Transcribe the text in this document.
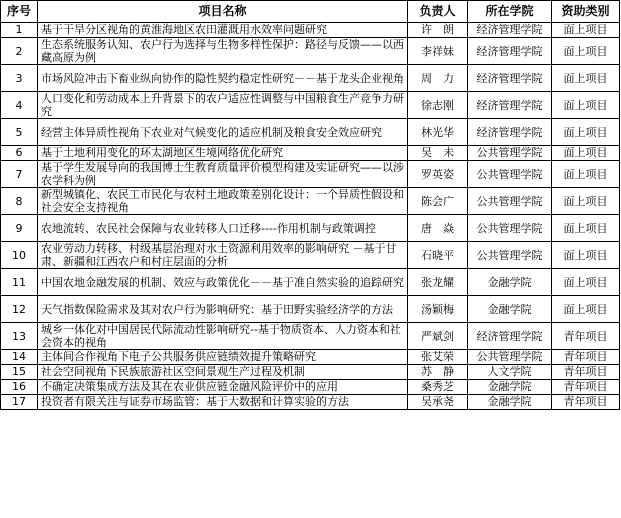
序号	项目名称	负责人	所在学院	资助类别
1	基于干旱分区视角的黄淮海地区农田灌溉用水效率问题研究	许　朗	经济管理学院	面上项目
2	生态系统服务认知、农户行为选择与生物多样性保护：路径与反馈——以西藏高原为例	李祥妹	经济管理学院	面上项目
3	市场风险冲击下畜业纵向协作的隐性契约稳定性研究－－基于龙头企业视角	周　力	经济管理学院	面上项目
4	人口变化和劳动成本上升背景下的农户适应性调整与中国粮食生产竞争力研究	徐志刚	经济管理学院	面上项目
5	经营主体异质性视角下农业对气候变化的适应机制及粮食安全效应研究	林光华	经济管理学院	面上项目
6	基于土地利用变化的环太湖地区生境网络优化研究	吴　未	公共管理学院	面上项目
7	基于学生发展导向的我国博士生教育质量评价模型构建及实证研究——以涉农学科为例	罗英姿	公共管理学院	面上项目
8	新型城镇化、农民工市民化与农村土地政策差别化设计：一个异质性假设和社会安全支持视角	陈会广	公共管理学院	面上项目
9	农地流转、农民社会保障与农业转移人口迁移----作用机制与政策调控	唐　焱	公共管理学院	面上项目
10	农业劳动力转移、村级基层治理对水土资源利用效率的影响研究 －基于甘肃、新疆和江西农户和村庄层面的分析	石晓平	公共管理学院	面上项目
11	中国农地金融发展的机制、效应与政策优化－－基于准自然实验的追踪研究	张龙耀	金融学院	面上项目
12	天气指数保险需求及其对农户行为影响研究：基于田野实验经济学的方法	汤颖梅	金融学院	面上项目
13	城乡一体化对中国居民代际流动性影响研究--基于物质资本、人力资本和社会资本的视角	严斌剑	经济管理学院	青年项目
14	主体间合作视角下电子公共服务供应链绩效提升策略研究	张艾荣	公共管理学院	青年项目
15	社会空间视角下民族旅游社区空间景观生产过程及机制	苏　静	人文学院	青年项目
16	不确定决策集成方法及其在农业供应链金融风险评价中的应用	桑秀芝	金融学院	青年项目
17	投资者有限关注与证券市场监管：基于大数据和计算实验的方法	吴承尧	金融学院	青年项目
